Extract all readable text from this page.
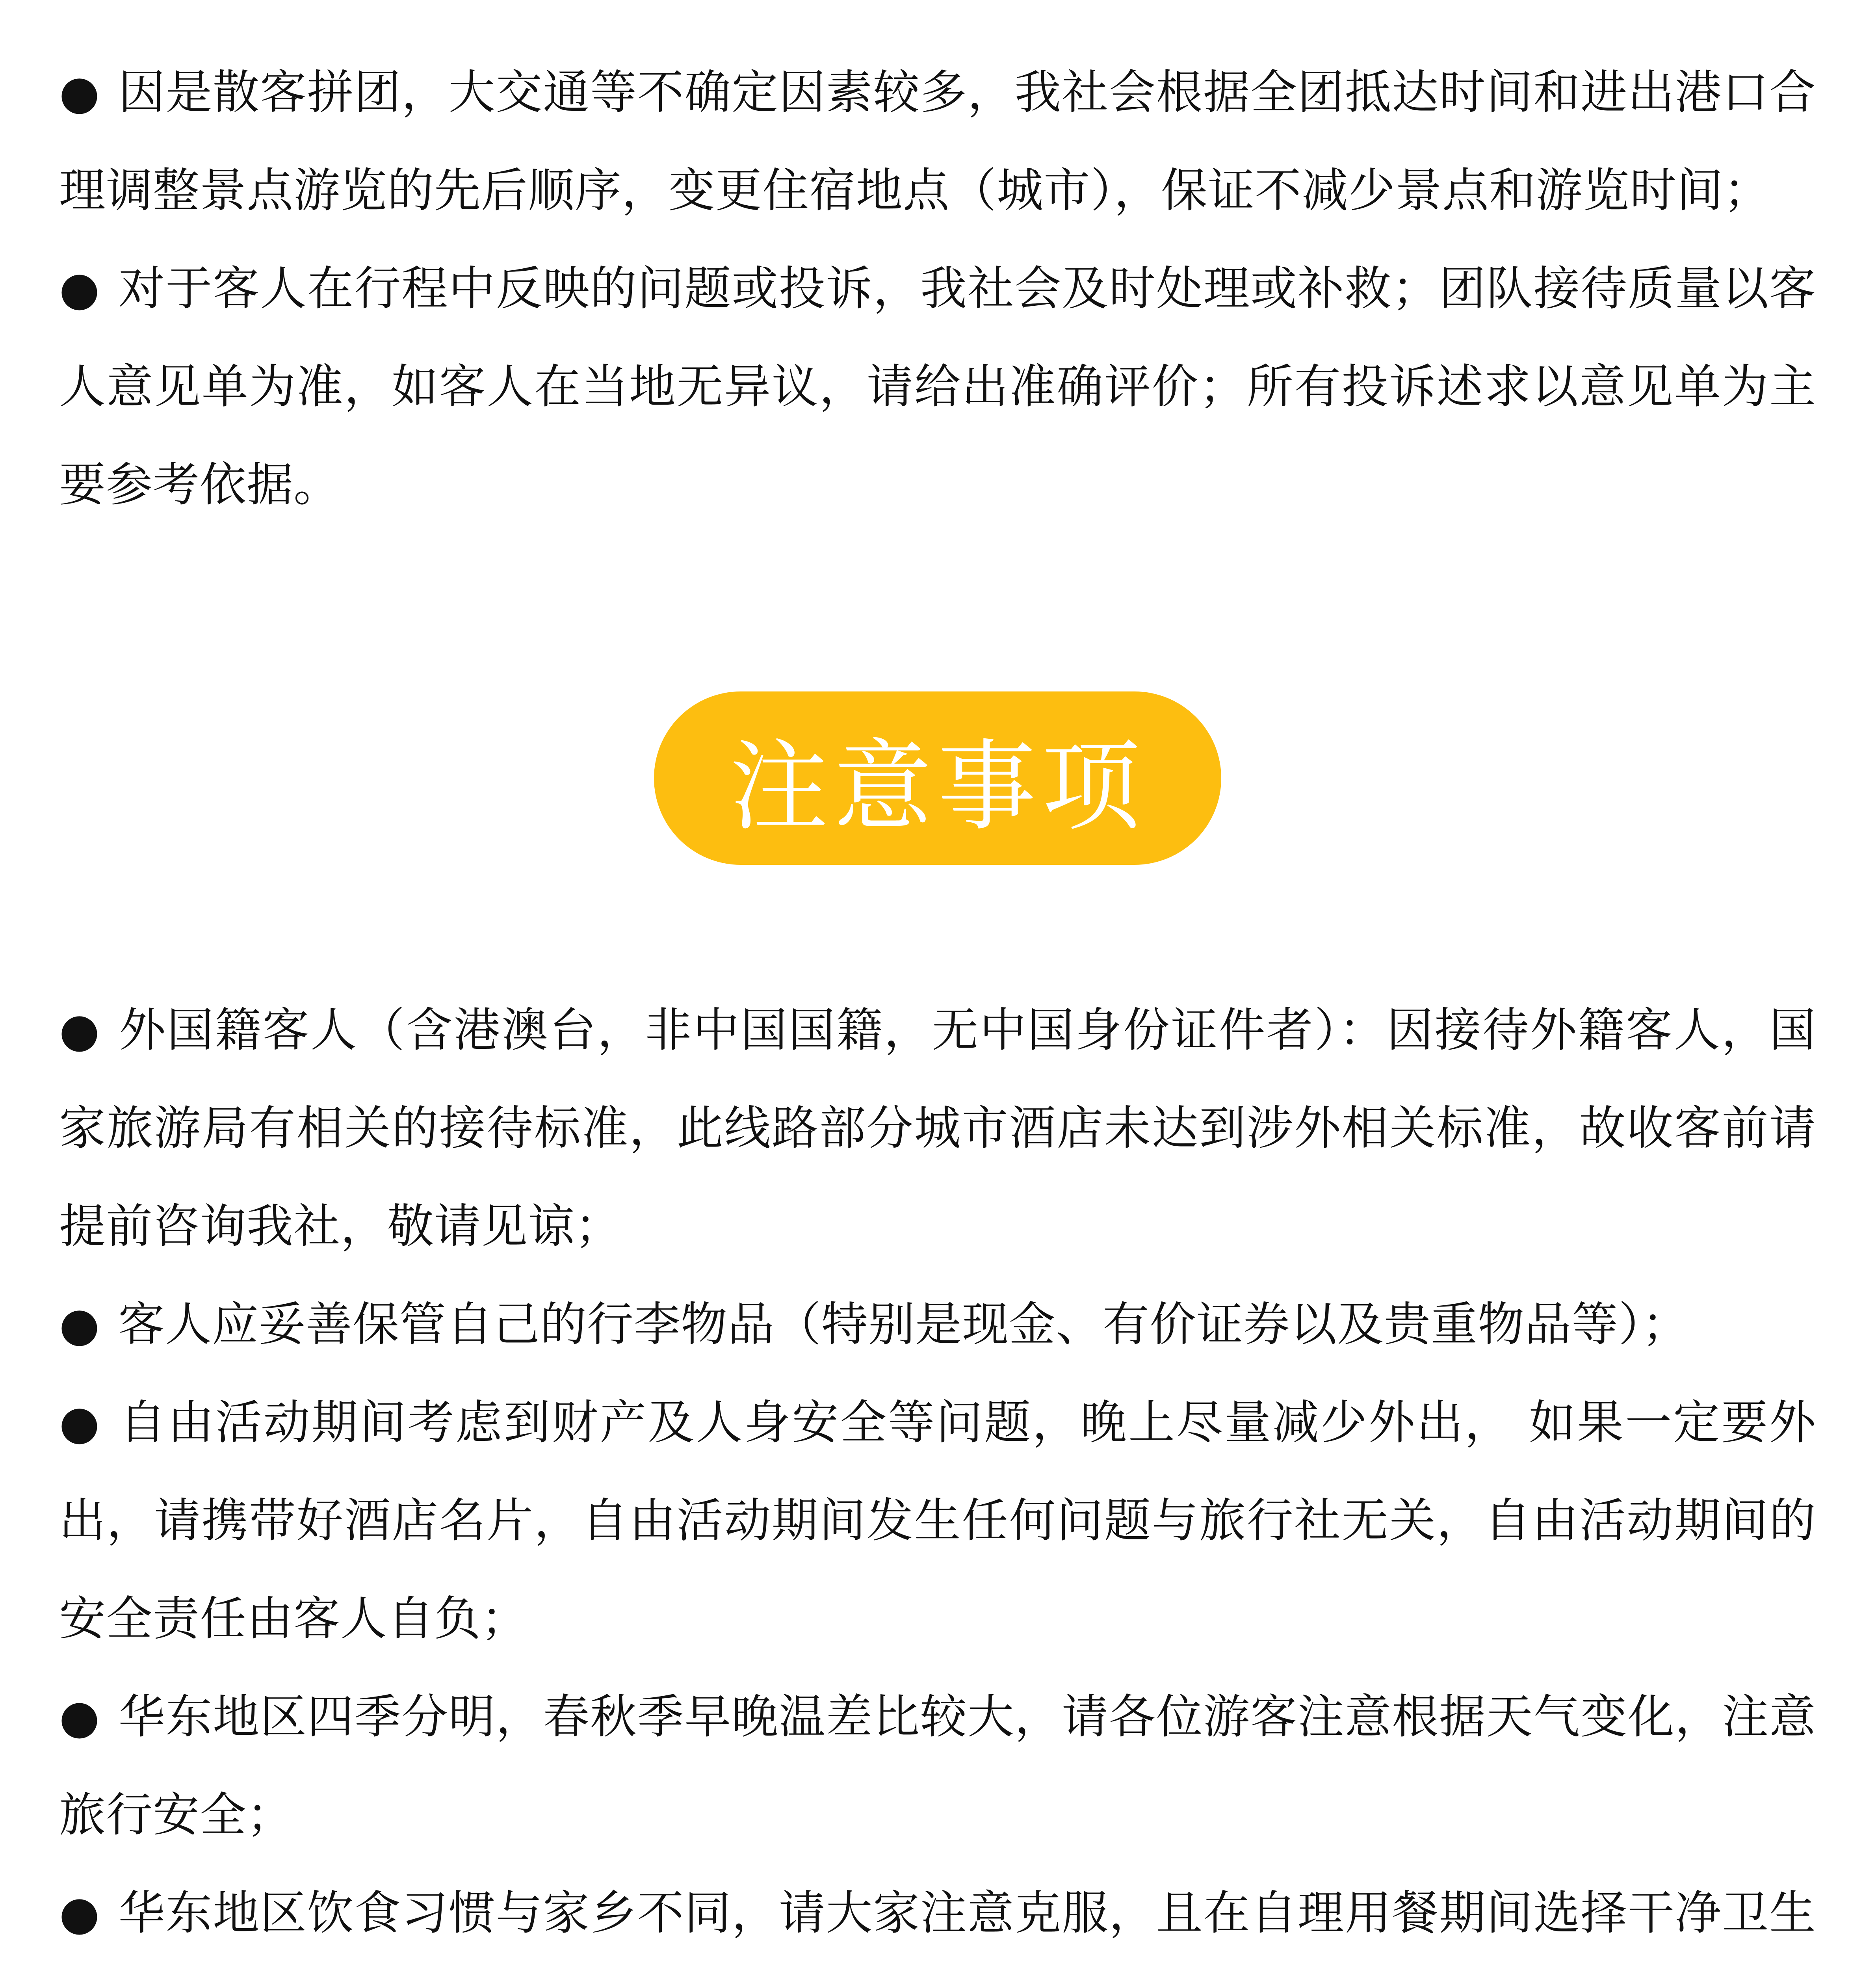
● 因是散客拼团，大交通等不确定因素较多，我社会根据全团抵达时间和进出港口合理调整景点游览的先后顺序，变更住宿地点（城市），保证不减少景点和游览时间；
● 对于客人在行程中反映的问题或投诉，我社会及时处理或补救；团队接待质量以客人意见单为准，如客人在当地无异议，请给出准确评价；所有投诉述求以意见单为主要参考依据。
注意事项
● 外国籍客人（含港澳台，非中国国籍，无中国身份证件者）：因接待外籍客人，国家旅游局有相关的接待标准，此线路部分城市酒店未达到涉外相关标准，故收客前请提前咨询我社，敬请见谅；
● 客人应妥善保管自己的行李物品（特别是现金、有价证券以及贵重物品等）；
● 自由活动期间考虑到财产及人身安全等问题，晚上尽量减少外出， 如果一定要外出，请携带好酒店名片，自由活动期间发生任何问题与旅行社无关，自由活动期间的安全责任由客人自负；
● 华东地区四季分明，春秋季早晚温差比较大，请各位游客注意根据天气变化，注意旅行安全；
● 华东地区饮食习惯与家乡不同，请大家注意克服，且在自理用餐期间选择干净卫生
